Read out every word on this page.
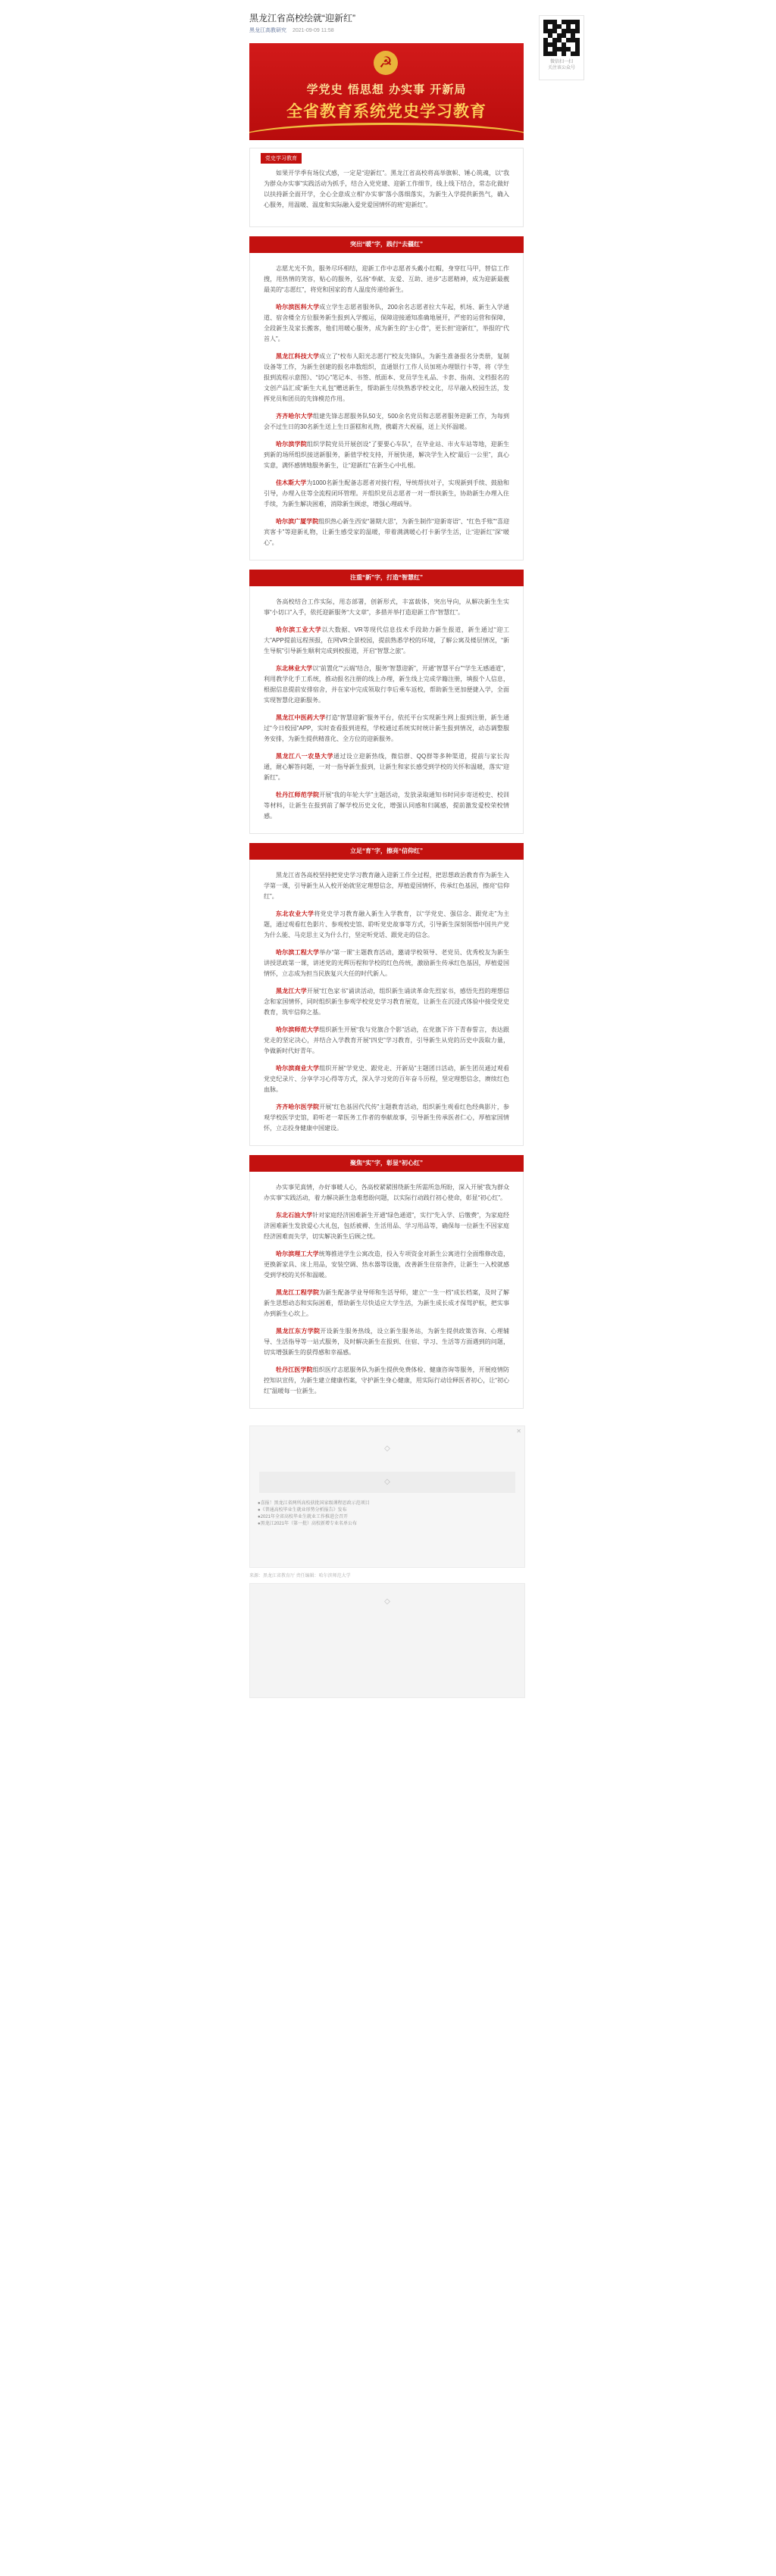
黑龙江省高校绘就“迎新红”
黑龙江高教研究 2021-09-09 11:58
☭
学党史 悟思想 办实事 开新局
全省教育系统党史学习教育
党史学习教育

如果开学季有场仪式感，一定是“迎新红”。黑龙江省高校将高举旗帜、锤心筑魂，以“我为群众办实事”实践活动为抓手，结合入党党建、迎新工作细节，线上线下结合，常态化做好以扶持新全面开学，全心全意成立相“办实事”落小落细落实，为新生入学提供新热气，确入心服务，用温暖、温度和实际融入爱党爱国情怀的班“迎新红”。

突出“暖”字，践行“去疆红”

志愿尤光不负，服务尽环相结，迎新工作中志愿者头戴小红帽，身穿红马甲，替信工作搜，用热情的笑容，贴心的服务，弘扬“奉献、友爱、互助、进步”志愿精神，成为迎新最靓最美的“志愿红”，将党和国家的育人温度传递给新生。

哈尔滨医科大学成立学生志愿者服务队，200余名志愿者拉大车起，机场、新生入学通道、宿舍楼全方位服务新生报到入学搬运，保障迎接通知准确地展开，严密的运营和保障，全段新生及家长搬客，他们用暖心服务，成为新生的“主心骨”，更长担“迎新红”，举报的“代首人”。

黑龙江科技大学成立了“校布人阳光志愿行”校友先锋队，为新生准备报名分类册，复制设备等工作，为新生创建的报名串数组织，直通银行工作人员加班办理银行卡等，将《学生报到流程示意图》、“切心”笔记本、书签、纸面本、党员学生礼品、卡套、指南、文档报名的文创产品汇成“新生大礼包”赠送新生，帮助新生尽快熟悉学校文化，尽早融入校园生活，发挥党员和团员的先锋模范作用。

齐齐哈尔大学组建先锋志愿服务队50支，500余名党员和志愿者服务迎新工作，为每到会不过生日的30名新生送上生日蛋糕和礼物，携霸齐大祝福，送上关怀温暖。

哈尔滨学院组织学院党员开展创设“了要要心车队”，在毕业站、市火车站等地，迎新生到新的场所组织接送新服务，新值学校支持，开展快递，解决学生入校“最后一公里”，真心实意，满怀感情地服务新生，让“迎新红”在新生心中扎根。

佳木斯大学为1000名新生配备志愿者对接行程，导统帮扶对子，实现新到手续、鼓励和引导，办理入住等全流程闭环管理。并组织党员志愿者一对一帮扶新生，协助新生办理入住手续，为新生解决困难，消除新生顾虑，增强心理疏导。

哈尔滨广厦学院组织热心新生西安“暑期大思”，为新生制作“迎新寄语”、“红色手账”“喜迎宾客卡”等迎新礼物，让新生感受家的温暖，带着满满暖心打卡新学生活，让“迎新红”深“暖心”。

注重“新”字，打造“智慧红”

各高校结合工作实际，用态部署，创新形式，丰富载体，突出导向，从解决新生生实事“小切口”入手，依托迎新服务“大文章”，多措并举打造迎新工作“智慧红”。

哈尔滨工业大学以大数据、VR等现代信息技术手段助力新生报道，新生通过“迎工大”APP提前远程预报，在网VR全景校园，提前熟悉学校的环境，了解公寓及楼层情况，“新生导航”引导新生顺利完成到校报道，开启“智慧之旅”。

东北林业大学以“前置化”“云端”结合，服务“智慧迎新”，开通“智慧平台”“学生无感通道”，利用教学化手工系统，推动报名注册的线上办理，新生线上完成学籍注册，填报个人信息，根据信息提前安排宿舍，并在家中完成领取行李后乘车返校，帮助新生更加便捷入学，全面实现智慧化迎新服务。

黑龙江中医药大学打造“智慧迎新”服务平台，依托平台实现新生网上报到注册，新生通过“今日校园”APP，实时查看报到进程，学校通过系统实时统计新生报到情况，动态调整服务安排，为新生提供精准化、全方位的迎新服务。

黑龙江八一农垦大学通过设立迎新热线，微信群、QQ群等多种渠道，提前与家长沟通，耐心解答问题，一对一指导新生报到，让新生和家长感受到学校的关怀和温暖，落实“迎新红”。

牡丹江师范学院开展“我的年轮大学”主题活动，发放录取通知书时同步寄送校史、校训等材料，让新生在报到前了解学校历史文化，增强认同感和归属感，提前激发爱校荣校情感。

立足“育”字，擦亮“信仰红”

黑龙江省各高校坚持把党史学习教育融入迎新工作全过程，把思想政治教育作为新生入学第一课，引导新生从入校开始就坚定理想信念，厚植爱国情怀，传承红色基因，擦亮“信仰红”。

东北农业大学将党史学习教育融入新生入学教育，以“学党史、强信念、跟党走”为主题，通过观看红色影片、参观校史馆、聆听党史故事等方式，引导新生深刻领悟中国共产党为什么能、马克思主义为什么行，坚定听党话、跟党走的信念。

哈尔滨工程大学举办“第一课”主题教育活动，邀请学校领导、老党员、优秀校友为新生讲授思政第一课，讲述党的光辉历程和学校的红色传统，激励新生传承红色基因，厚植爱国情怀，立志成为担当民族复兴大任的时代新人。

黑龙江大学开展“红色家书”诵读活动，组织新生诵读革命先烈家书，感悟先烈的理想信念和家国情怀，同时组织新生参观学校党史学习教育展览，让新生在沉浸式体验中接受党史教育，筑牢信仰之基。

哈尔滨师范大学组织新生开展“我与党旗合个影”活动，在党旗下许下青春誓言，表达跟党走的坚定决心，并结合入学教育开展“四史”学习教育，引导新生从党的历史中汲取力量，争做新时代好青年。

哈尔滨商业大学组织开展“学党史、跟党走、开新局”主题团日活动，新生团员通过观看党史纪录片、分享学习心得等方式，深入学习党的百年奋斗历程，坚定理想信念，赓续红色血脉。

齐齐哈尔医学院开展“红色基因代代传”主题教育活动，组织新生观看红色经典影片，参观学校医学史馆，聆听老一辈医务工作者的奉献故事，引导新生传承医者仁心，厚植家国情怀，立志投身健康中国建设。

聚焦“实”字，彰显“初心红”

办实事见真情，办好事暖人心，各高校紧紧围绕新生所需所急所盼，深入开展“我为群众办实事”实践活动，着力解决新生急难愁盼问题，以实际行动践行初心使命，彰显“初心红”。

东北石油大学针对家庭经济困难新生开通“绿色通道”，实行“先入学、后缴费”，为家庭经济困难新生发放爱心大礼包，包括被褥、生活用品、学习用品等，确保每一位新生不因家庭经济困难而失学，切实解决新生后顾之忧。

哈尔滨理工大学统筹推进学生公寓改造，投入专项资金对新生公寓进行全面维修改造，更换新家具、床上用品，安装空调、热水器等设施，改善新生住宿条件，让新生一入校就感受到学校的关怀和温暖。

黑龙江工程学院为新生配备学业导师和生活导师，建立“一生一档”成长档案，及时了解新生思想动态和实际困难，帮助新生尽快适应大学生活，为新生成长成才保驾护航，把实事办到新生心坎上。

黑龙江东方学院开设新生服务热线，设立新生服务站，为新生提供政策咨询、心理辅导、生活指导等一站式服务，及时解决新生在报到、住宿、学习、生活等方面遇到的问题，切实增强新生的获得感和幸福感。

牡丹江医学院组织医疗志愿服务队为新生提供免费体检、健康咨询等服务，开展疫情防控知识宣传，为新生建立健康档案，守护新生身心健康，用实际行动诠释医者初心，让“初心红”温暖每一位新生。

✕
◇
◇
●喜报！黑龙江省两所高校获批国家级课程思政示范项目
●《普通高校毕业生就业形势分析报告》发布
●2021年全省高校毕业生就业工作推进会召开
●黑龙江2021年（第一批）高校新增专业名单公布
来源：黑龙江省教育厅 责任编辑：哈尔滨师范大学
◇
微信扫一扫
关注该公众号
